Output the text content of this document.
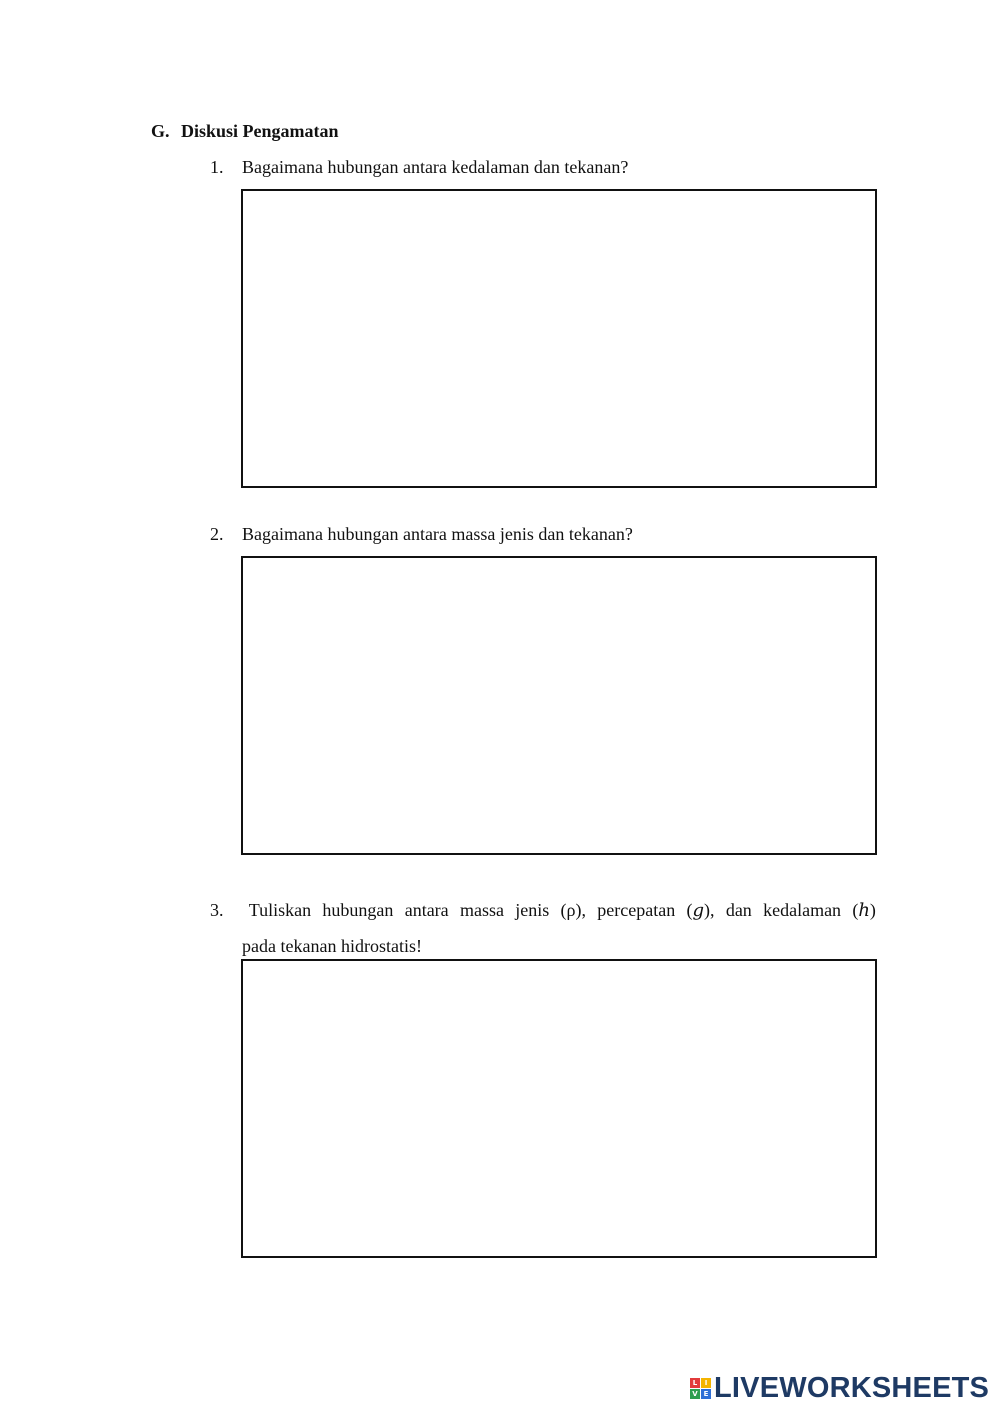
G. Diskusi Pengamatan
1. Bagaimana hubungan antara kedalaman dan tekanan?
2. Bagaimana hubungan antara massa jenis dan tekanan?
3. Tuliskan hubungan antara massa jenis (ρ), percepatan (𝑔), dan kedalaman (ℎ)
pada tekanan hidrostatis!
L	I
V E LIVEWORKSHEETS
